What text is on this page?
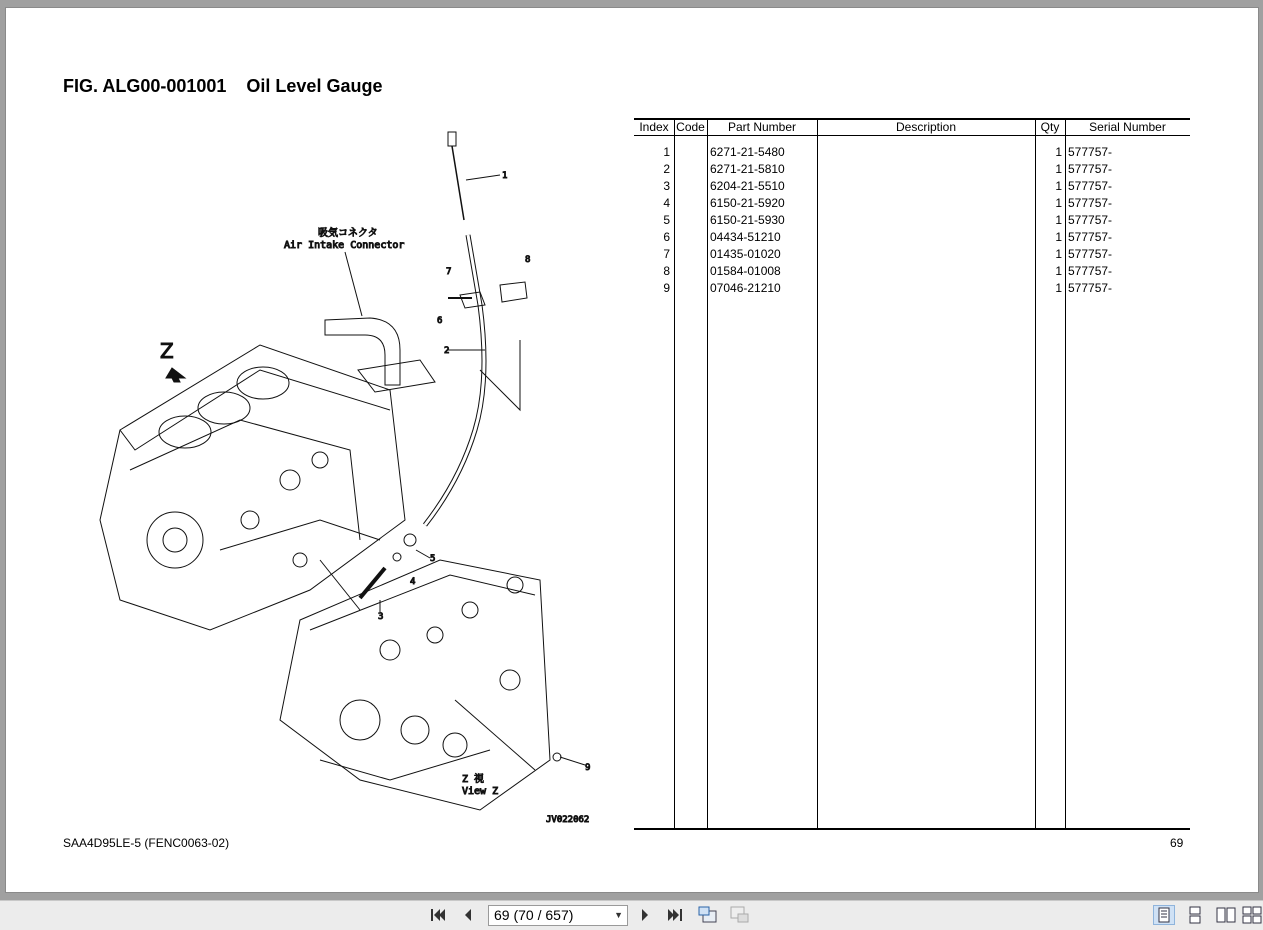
FIG. ALG00-001001    Oil Level Gauge
吸気コネクタ
Air Intake Connector
Z
Z 視
View Z
JV022062
1
2
3
4
5
6
7
8
9
Index Code	Part Number	Description	Qty	Serial Number
1	6271-21-5480	1 577757-
2	6271-21-5810	1 577757-
3	6204-21-5510	1 577757-
4	6150-21-5920	1 577757-
5	6150-21-5930	1 577757-
6	04434-51210	1 577757-
7	01435-01020	1 577757-
8	01584-01008	1 577757-
9	07046-21210	1 577757-
SAA4D95LE-5 (FENC0063-02)	69
69 (70 / 657)	▼
